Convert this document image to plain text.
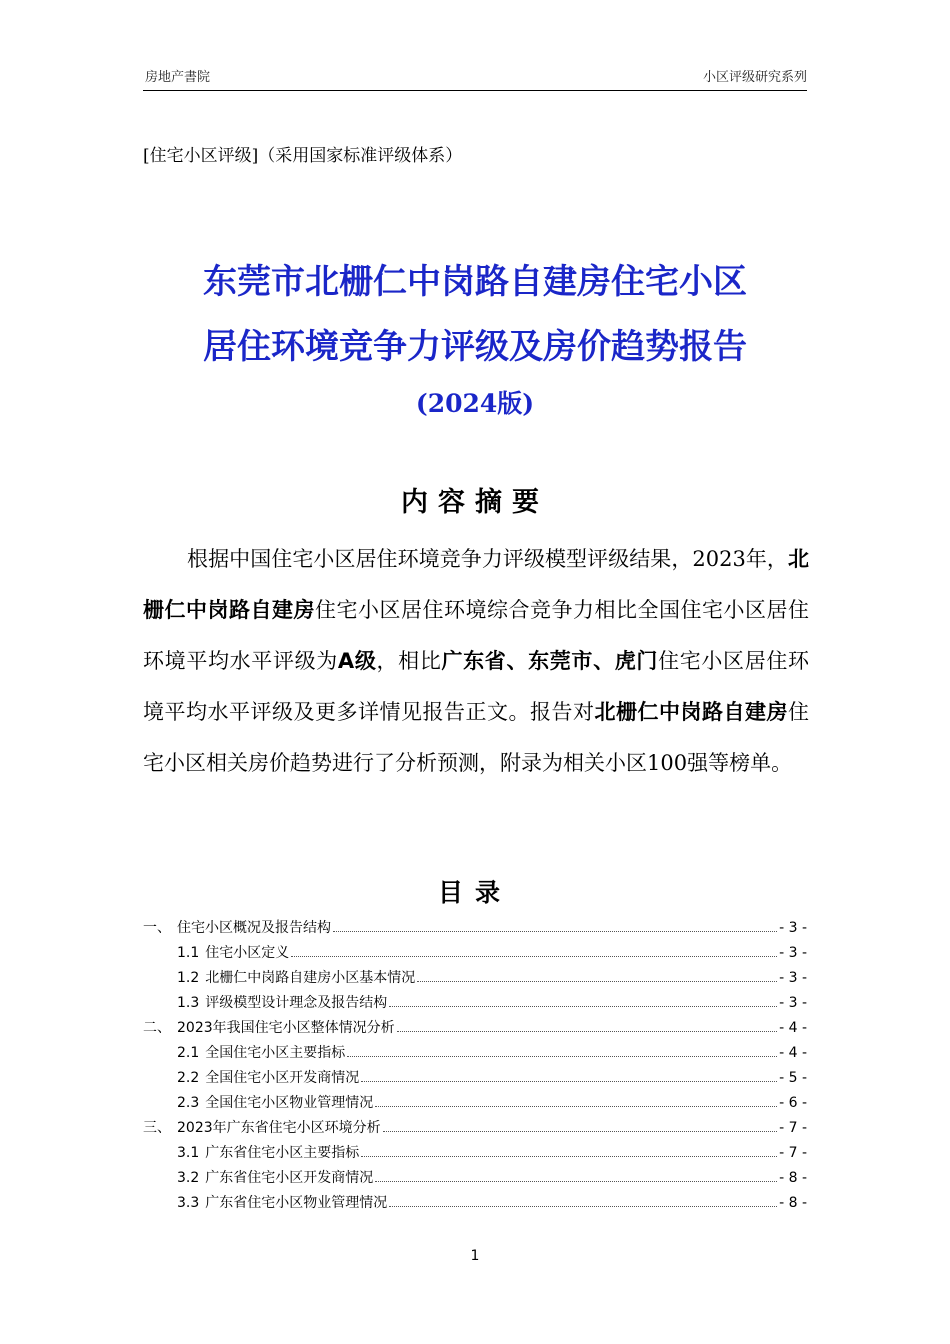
房地产書院	小区评级研究系列
[住宅小区评级]（采用国家标准评级体系）
东莞市北栅仁中岗路自建房住宅小区
居住环境竞争力评级及房价趋势报告
(2024版)
内容摘要
根据中国住宅小区居住环境竞争力评级模型评级结果，2023年，北栅仁中岗路自建房住宅小区居住环境综合竞争力相比全国住宅小区居住环境平均水平评级为A级，相比广东省、东莞市、虎门住宅小区居住环境平均水平评级及更多详情见报告正文。报告对北栅仁中岗路自建房住宅小区相关房价趋势进行了分析预测，附录为相关小区100强等榜单。
目录
一、 住宅小区概况及报告结构	- 3 -
1.1 住宅小区定义	- 3 -
1.2 北栅仁中岗路自建房小区基本情况	- 3 -
1.3 评级模型设计理念及报告结构	- 3 -
二、 2023年我国住宅小区整体情况分析	- 4 -
2.1 全国住宅小区主要指标	- 4 -
2.2 全国住宅小区开发商情况	- 5 -
2.3 全国住宅小区物业管理情况	- 6 -
三、 2023年广东省住宅小区环境分析	- 7 -
3.1 广东省住宅小区主要指标	- 7 -
3.2 广东省住宅小区开发商情况	- 8 -
3.3 广东省住宅小区物业管理情况	- 8 -
1
